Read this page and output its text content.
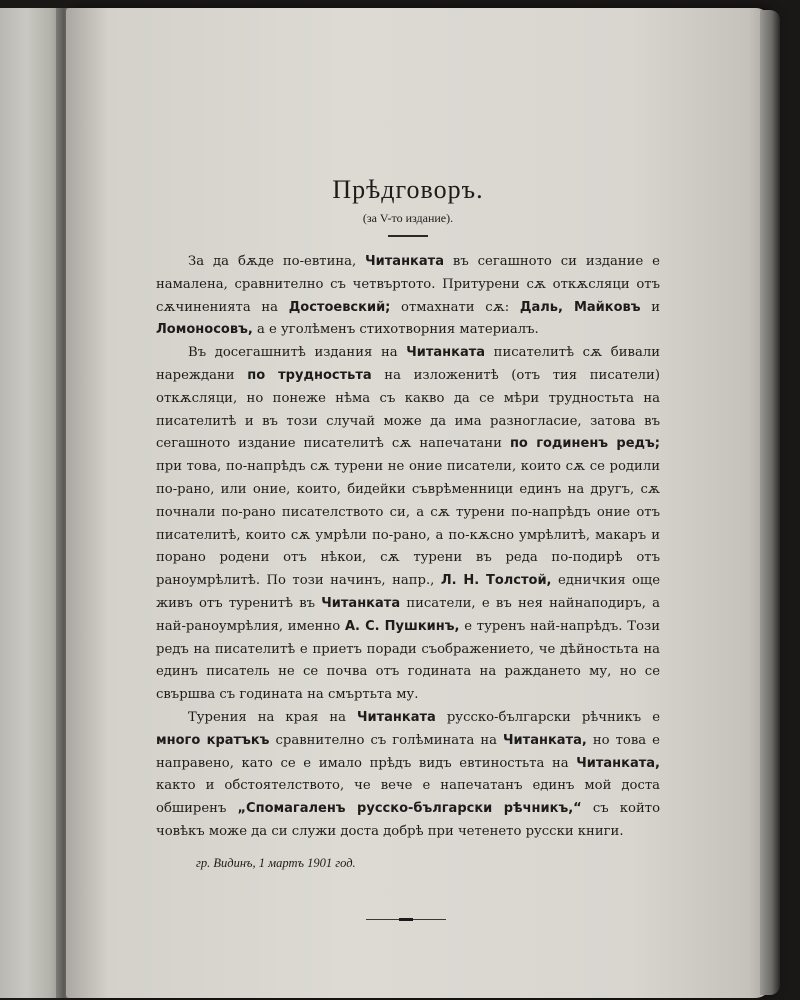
Прѣдговоръ.

(за V-то издание).

За да бѫде по-евтина, Читанката въ сегашното си издание е намалена, сравнително съ четвъртото. Притурени сѫ откѫсляци отъ сѫчиненията на Достоевский; отмахнати сѫ: Даль, Майковъ и Ломоносовъ, а е уголѣменъ стихотворния материалъ.

Въ досегашнитѣ издания на Читанката писателитѣ сѫ бивали нареждани по трудностьта на изложенитѣ (отъ тия писатели) откѫсляци, но понеже нѣма съ какво да се мѣри трудностьта на писателитѣ и въ този случай може да има разногласие, затова въ сегашното издание писателитѣ сѫ напечатани по годиненъ редъ; при това, по-напрѣдъ сѫ турени не оние писатели, които сѫ се родили по-рано, или оние, които, бидейки съврѣменници единъ на другъ, сѫ почнали по-рано писателството си, а сѫ турени по-напрѣдъ оние отъ писателитѣ, които сѫ умрѣли по-рано, а по-кѫсно умрѣлитѣ, макаръ и порано родени отъ нѣкои, сѫ турени въ реда по-подирѣ отъ раноумрѣлитѣ. По този начинъ, напр., Л. Н. Толстой, едничкия още живъ отъ туренитѣ въ Читанката писатели, е въ нея найнаподиръ, а най-раноумрѣлия, именно А. С. Пушкинъ, е туренъ най-напрѣдъ. Този редъ на писателитѣ е приетъ поради съображението, че дѣйностьта на единъ писатель не се почва отъ годината на раждането му, но се свършва съ годината на смъртьта му.

Турения на края на Читанката русско-български рѣчникъ е много кратъкъ сравнително съ голѣмината на Читанката, но това е направено, като се е имало прѣдъ видъ евтиностьта на Читанката, както и обстоятелството, че вече е напечатанъ единъ мой доста обширенъ „Спомагаленъ русско-български рѣчникъ,“ съ който човѣкъ може да си служи доста добрѣ при четенето русски книги.

гр. Видинъ, 1 мартъ 1901 год.
